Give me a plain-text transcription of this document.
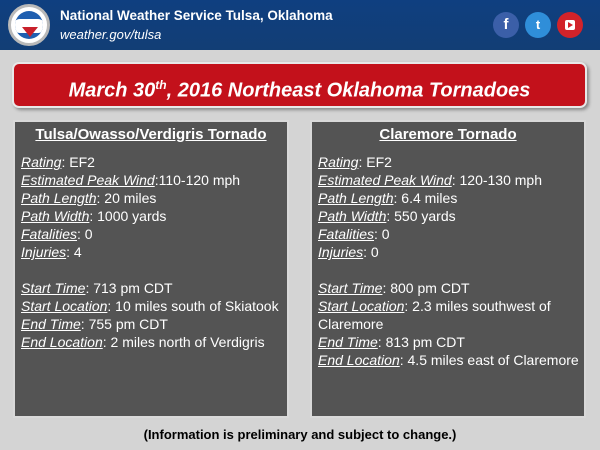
National Weather Service Tulsa, Oklahoma
weather.gov/tulsa
f	t
March 30th, 2016 Northeast Oklahoma Tornadoes
Tulsa/Owasso/Verdigris Tornado
Rating: EF2
Estimated Peak Wind:110-120 mph
Path Length: 20 miles
Path Width: 1000 yards
Fatalities: 0
Injuries: 4
Start Time: 713 pm CDT
Start Location: 10 miles south of Skiatook
End Time: 755 pm CDT
End Location: 2 miles north of Verdigris
Claremore Tornado
Rating: EF2
Estimated Peak Wind: 120-130 mph
Path Length: 6.4 miles
Path Width: 550 yards
Fatalities: 0
Injuries: 0
Start Time: 800 pm CDT
Start Location: 2.3 miles southwest of Claremore
End Time: 813 pm CDT
End Location: 4.5 miles east of Claremore
(Information is preliminary and subject to change.)
